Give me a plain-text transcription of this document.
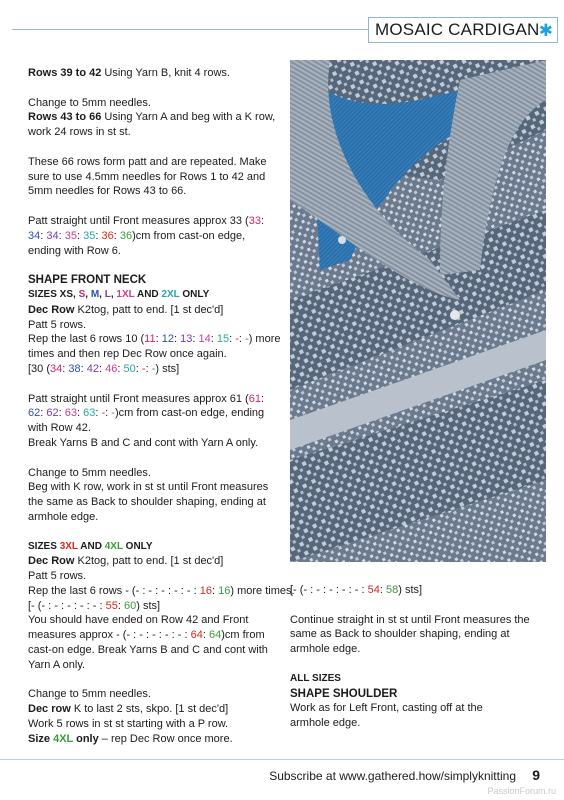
MOSAIC CARDIGAN ✱

Rows 39 to 42 Using Yarn B, knit 4 rows.

Change to 5mm needles.
Rows 43 to 66 Using Yarn A and beg with a K row,
work 24 rows in st st.

These 66 rows form patt and are repeated. Make
sure to use 4.5mm needles for Rows 1 to 42 and
5mm needles for Rows 43 to 66.

Patt straight until Front measures approx 33 (33:
34: 34: 35: 35: 36: 36)cm from cast-on edge,
ending with Row 6.

SHAPE FRONT NECK
SIZES XS, S, M, L, 1XL AND 2XL ONLY
Dec Row K2tog, patt to end. [1 st dec'd]
Patt 5 rows.
Rep the last 6 rows 10 (11: 12: 13: 14: 15: -: -) more
times and then rep Dec Row once again.
[30 (34: 38: 42: 46: 50: -: -) sts]

Patt straight until Front measures approx 61 (61:
62: 62: 63: 63: -: -)cm from cast-on edge, ending
with Row 42.
Break Yarns B and C and cont with Yarn A only.

Change to 5mm needles.
Beg with K row, work in st st until Front measures
the same as Back to shoulder shaping, ending at
armhole edge.

SIZES 3XL AND 4XL ONLY
Dec Row K2tog, patt to end. [1 st dec'd]
Patt 5 rows.
Rep the last 6 rows - (- : - : - : - : - : 16: 16) more times.
[- (- : - : - : - : - : 55: 60) sts]
You should have ended on Row 42 and Front
measures approx - (- : - : - : - : - : 64: 64)cm from
cast-on edge. Break Yarns B and C and cont with
Yarn A only.

Change to 5mm needles.
Dec row K to last 2 sts, skpo. [1 st dec'd]
Work 5 rows in st st starting with a P row.
Size 4XL only – rep Dec Row once more.

[- (- : - : - : - : - : 54: 58) sts]

Continue straight in st st until Front measures the
same as Back to shoulder shaping, ending at
armhole edge.

ALL SIZES
SHAPE SHOULDER
Work as for Left Front, casting off at the
armhole edge.

Subscribe at www.gathered.how/simplyknitting 9
PassionForum.ru
